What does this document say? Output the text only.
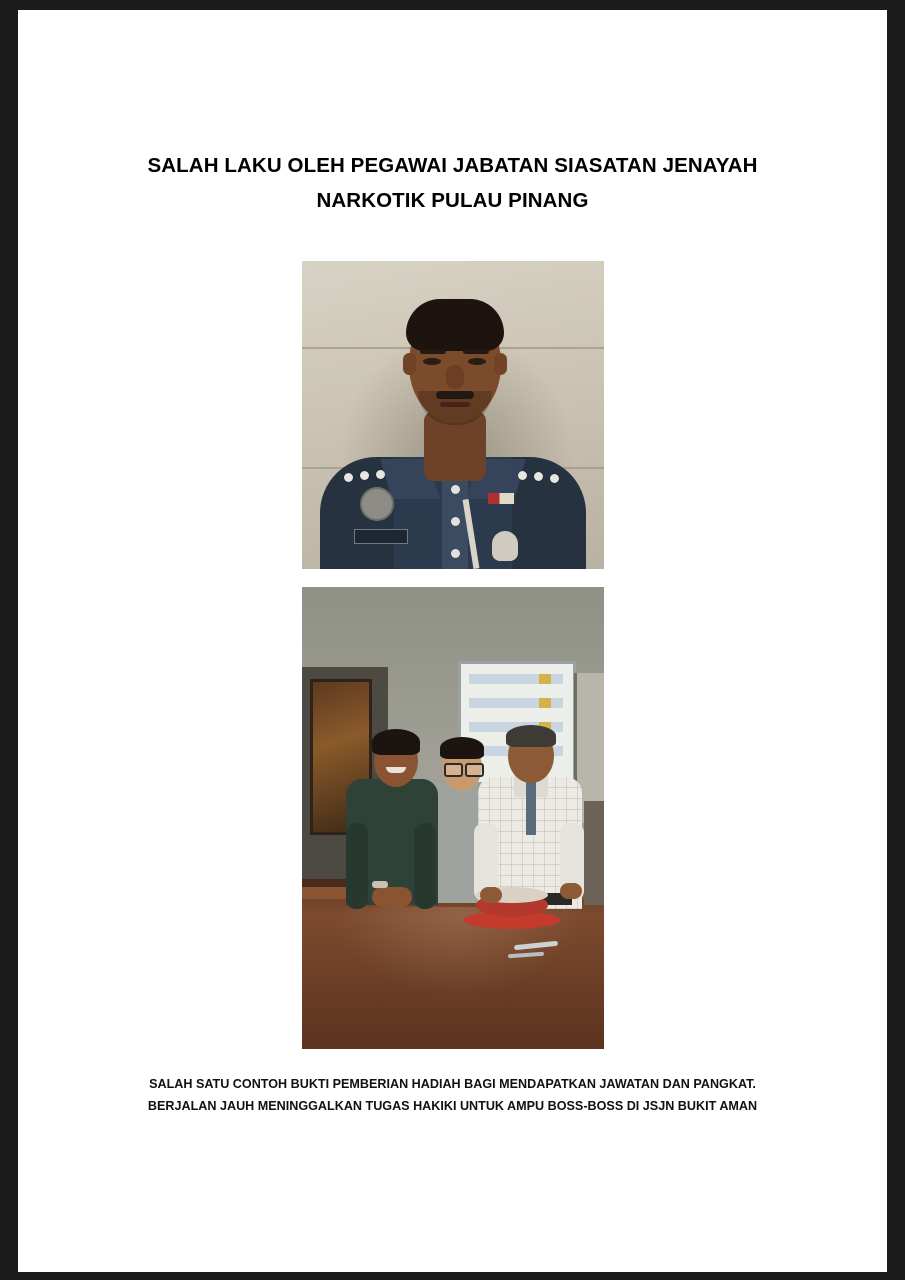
SALAH LAKU OLEH PEGAWAI JABATAN SIASATAN JENAYAH
NARKOTIK PULAU PINANG
SALAH SATU CONTOH BUKTI PEMBERIAN HADIAH BAGI MENDAPATKAN JAWATAN DAN PANGKAT.
BERJALAN JAUH MENINGGALKAN TUGAS HAKIKI UNTUK AMPU BOSS-BOSS DI JSJN BUKIT AMAN
